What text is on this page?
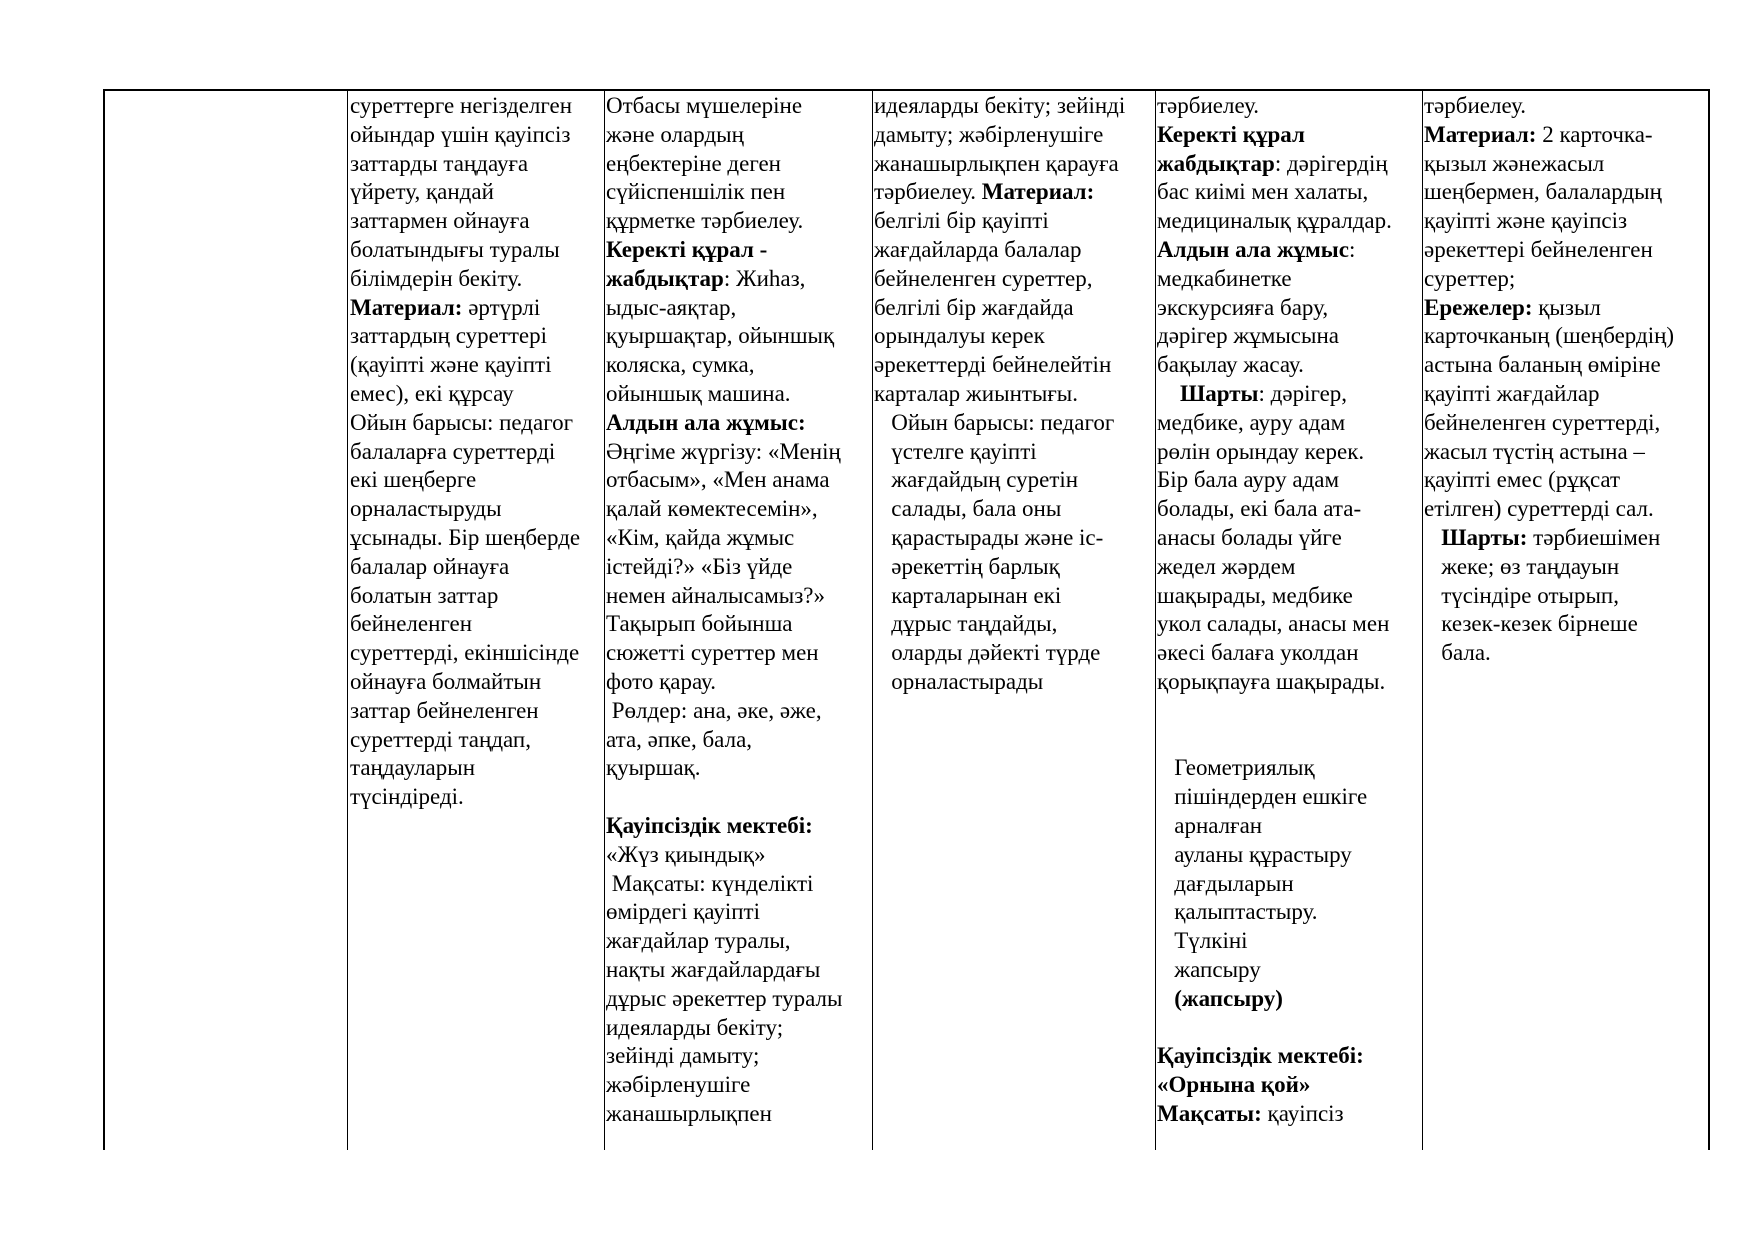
суреттерге негізделген
ойындар үшін қауіпсіз
заттарды таңдауға
үйрету, қандай
заттармен ойнауға
болатындығы туралы
білімдерін бекіту.
Материал: әртүрлі
заттардың суреттері
(қауіпті және қауіпті
емес), екі құрсау
Ойын барысы: педагог
балаларға суреттерді
екі шеңберге
орналастыруды
ұсынады. Бір шеңберде
балалар ойнауға
болатын заттар
бейнеленген
суреттерді, екіншісінде
ойнауға болмайтын
заттар бейнеленген
суреттерді таңдап,
таңдауларын
түсіндіреді.
Отбасы мүшелеріне
және олардың
еңбектеріне деген
сүйіспеншілік пен
құрметке тәрбиелеу.
Керекті құрал -
жабдықтар: Жиһаз,
ыдыс-аяқтар,
қуыршақтар, ойыншық
коляска, сумка,
ойыншық машина.
Алдын ала жұмыс:
Әңгіме жүргізу: «Менің
отбасым», «Мен анама
қалай көмектесемін»,
«Кім, қайда жұмыс
істейді?» «Біз үйде
немен айналысамыз?»
Тақырып бойынша
сюжетті суреттер мен
фото қарау.
Рөлдер: ана, әке, әже,
ата, әпке, бала,
қуыршақ.
Қауіпсіздік мектебі:
«Жүз қиындық»
Мақсаты: күнделікті
өмірдегі қауіпті
жағдайлар туралы,
нақты жағдайлардағы
дұрыс әрекеттер туралы
идеяларды бекіту;
зейінді дамыту;
жәбірленушіге
жанашырлықпен
идеяларды бекіту; зейінді
дамыту; жәбірленушіге
жанашырлықпен қарауға
тәрбиелеу. Материал:
белгілі бір қауіпті
жағдайларда балалар
бейнеленген суреттер,
белгілі бір жағдайда
орындалуы керек
әрекеттерді бейнелейтін
карталар жиынтығы.
Ойын барысы: педагог
үстелге қауіпті
жағдайдың суретін
салады, бала оны
қарастырады және іс-
әрекеттің барлық
карталарынан екі
дұрыс таңдайды,
оларды дәйекті түрде
орналастырады
тәрбиелеу.
Керекті құрал
жабдықтар: дәрігердің
бас киімі мен халаты,
медициналық құралдар.
Алдын ала жұмыс:
медкабинетке
экскурсияға бару,
дәрігер жұмысына
бақылау жасау.
Шарты: дәрігер,
медбике, ауру адам
рөлін орындау керек.
Бір бала ауру адам
болады, екі бала ата-
анасы болады үйге
жедел жәрдем
шақырады, медбике
укол салады, анасы мен
әкесі балаға уколдан
қорықпауға шақырады.
Геометриялық
пішіндерден ешкіге
арналған
ауланы құрастыру
дағдыларын
қалыптастыру.
Түлкіні
жапсыру
(жапсыру)
Қауіпсіздік мектебі:
«Орнына қой»
Мақсаты: қауіпсіз
тәрбиелеу.
Материал: 2 карточка-
қызыл жәнежасыл
шеңбермен, балалардың
қауіпті және қауіпсіз
әрекеттері бейнеленген
суреттер;
Ережелер: қызыл
карточканың (шеңбердің)
астына баланың өміріне
қауіпті жағдайлар
бейнеленген суреттерді,
жасыл түстің астына –
қауіпті емес (рұқсат
етілген) суреттерді сал.
Шарты: тәрбиешімен
жеке; өз таңдауын
түсіндіре отырып,
кезек-кезек бірнеше
бала.
